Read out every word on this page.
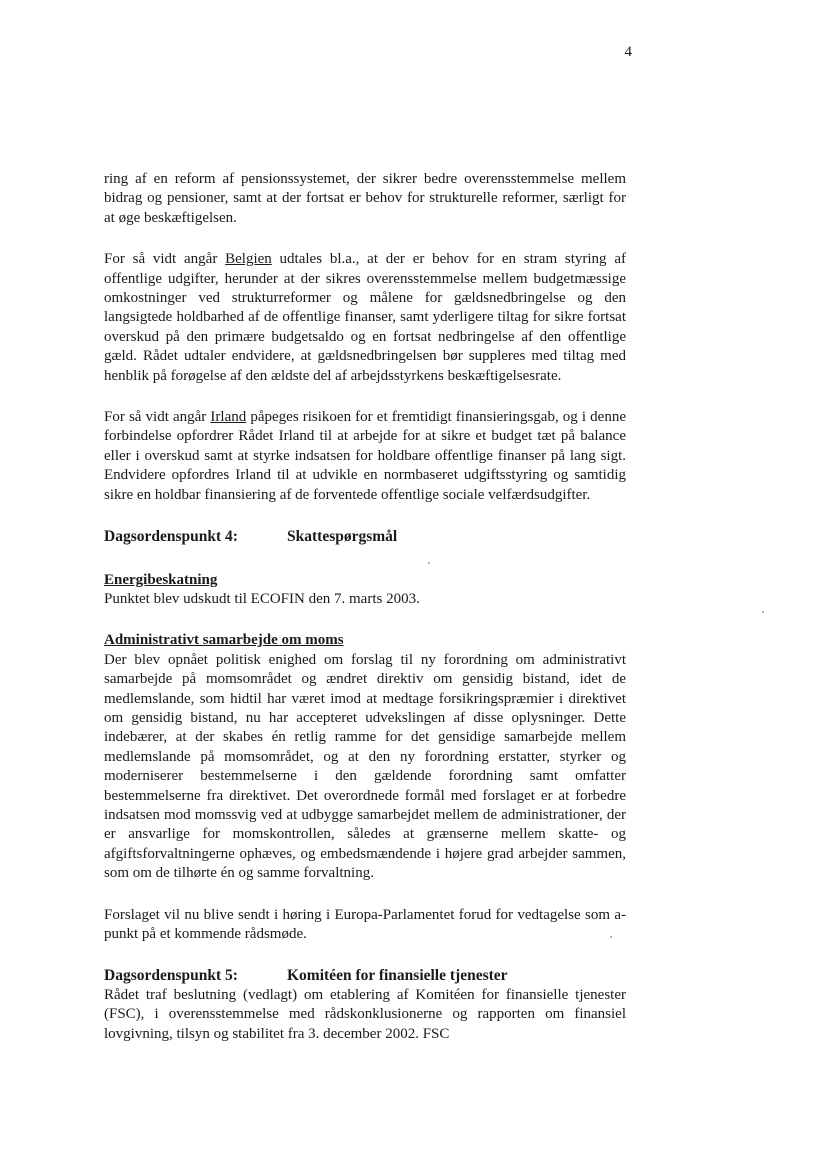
4

ring af en reform af pensionssystemet, der sikrer bedre overensstemmelse mellem bidrag og pensioner, samt at der fortsat er behov for strukturelle reformer, særligt for at øge beskæftigelsen.

For så vidt angår Belgien udtales bl.a., at der er behov for en stram styring af offentlige udgifter, herunder at der sikres overensstemmelse mellem budgetmæssige omkostninger ved strukturreformer og målene for gældsnedbringelse og den langsigtede holdbarhed af de offentlige finanser, samt yderligere tiltag for sikre fortsat overskud på den primære budgetsaldo og en fortsat nedbringelse af den offentlige gæld. Rådet udtaler endvidere, at gældsnedbringelsen bør suppleres med tiltag med henblik på forøgelse af den ældste del af arbejdsstyrkens beskæftigelsesrate.

For så vidt angår Irland påpeges risikoen for et fremtidigt finansieringsgab, og i denne forbindelse opfordrer Rådet Irland til at arbejde for at sikre et budget tæt på balance eller i overskud samt at styrke indsatsen for holdbare offentlige finanser på lang sigt. Endvidere opfordres Irland til at udvikle en normbaseret udgiftsstyring og samtidig sikre en holdbar finansiering af de forventede offentlige sociale velfærdsudgifter.

Dagsordenspunkt 4:	Skattespørgsmål

Energibeskatning

Punktet blev udskudt til ECOFIN den 7. marts 2003.

Administrativt samarbejde om moms

Der blev opnået politisk enighed om forslag til ny forordning om administrativt samarbejde på momsområdet og ændret direktiv om gensidig bistand, idet de medlemslande, som hidtil har været imod at medtage forsikringspræmier i direktivet om gensidig bistand, nu har accepteret udvekslingen af disse oplysninger. Dette indebærer, at der skabes én retlig ramme for det gensidige samarbejde mellem medlemslande på momsområdet, og at den ny forordning erstatter, styrker og moderniserer bestemmelserne i den gældende forordning samt omfatter bestemmelserne fra direktivet. Det overordnede formål med forslaget er at forbedre indsatsen mod momssvig ved at udbygge samarbejdet mellem de administrationer, der er ansvarlige for momskontrollen, således at grænserne mellem skatte- og afgiftsforvaltningerne ophæves, og embedsmændende i højere grad arbejder sammen, som om de tilhørte én og samme forvaltning.

Forslaget vil nu blive sendt i høring i Europa-Parlamentet forud for vedtagelse som a-punkt på et kommende rådsmøde.

Dagsordenspunkt 5:	Komitéen for finansielle tjenester

Rådet traf beslutning (vedlagt) om etablering af Komitéen for finansielle tjenester (FSC), i overensstemmelse med rådskonklusionerne og rapporten om finansiel lovgivning, tilsyn og stabilitet fra 3. december 2002. FSC
